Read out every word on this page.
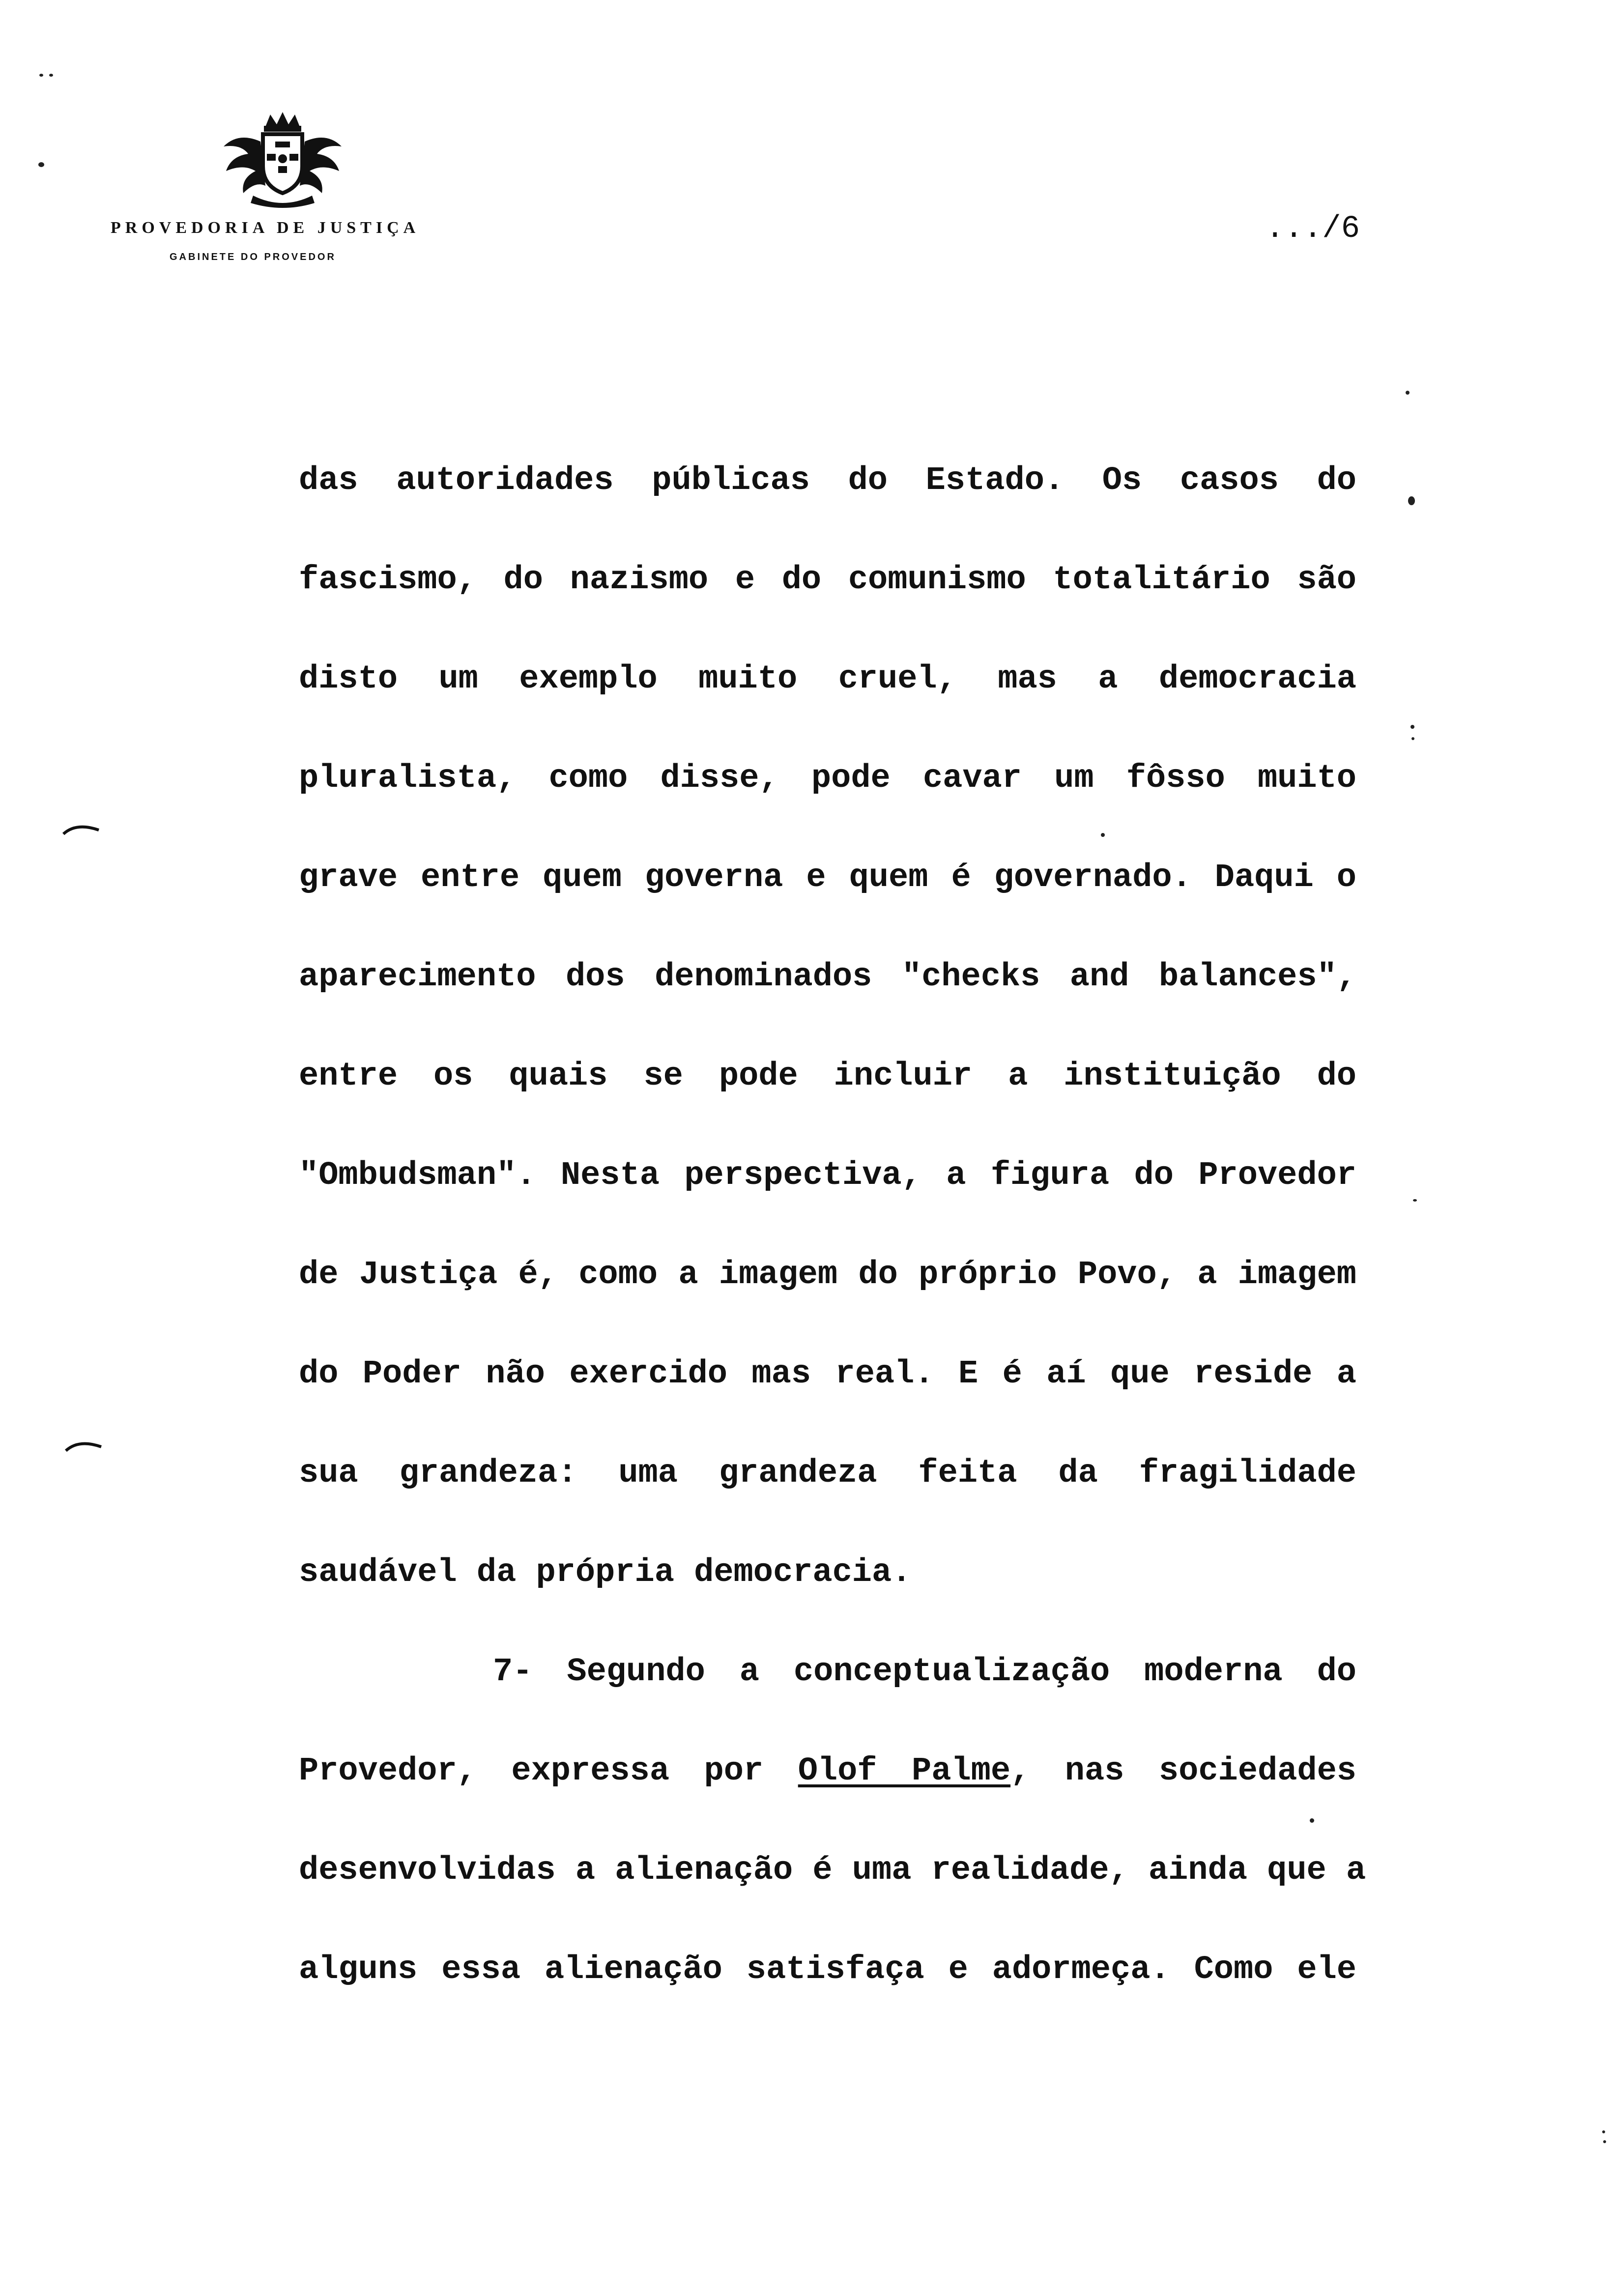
PROVEDORIA DE JUSTIÇA
GABINETE DO PROVEDOR
.../6
das autoridades públicas do Estado. Os casos do
fascismo, do nazismo e do comunismo totalitário são
disto um exemplo muito cruel, mas a democracia
pluralista, como disse, pode cavar um fôsso muito
grave entre quem governa e quem é governado. Daqui o
aparecimento dos denominados "checks and balances",
entre os quais se pode incluir a instituição do
"Ombudsman". Nesta perspectiva, a figura do Provedor
de Justiça é, como a imagem do próprio Povo, a imagem
do Poder não exercido mas real. E é aí que reside a
sua grandeza: uma grandeza feita da fragilidade
saudável da própria democracia.
7- Segundo a conceptualização moderna do
Provedor, expressa por Olof Palme, nas sociedades
desenvolvidas a alienação é uma realidade, ainda que a
alguns essa alienação satisfaça e adormeça. Como ele
